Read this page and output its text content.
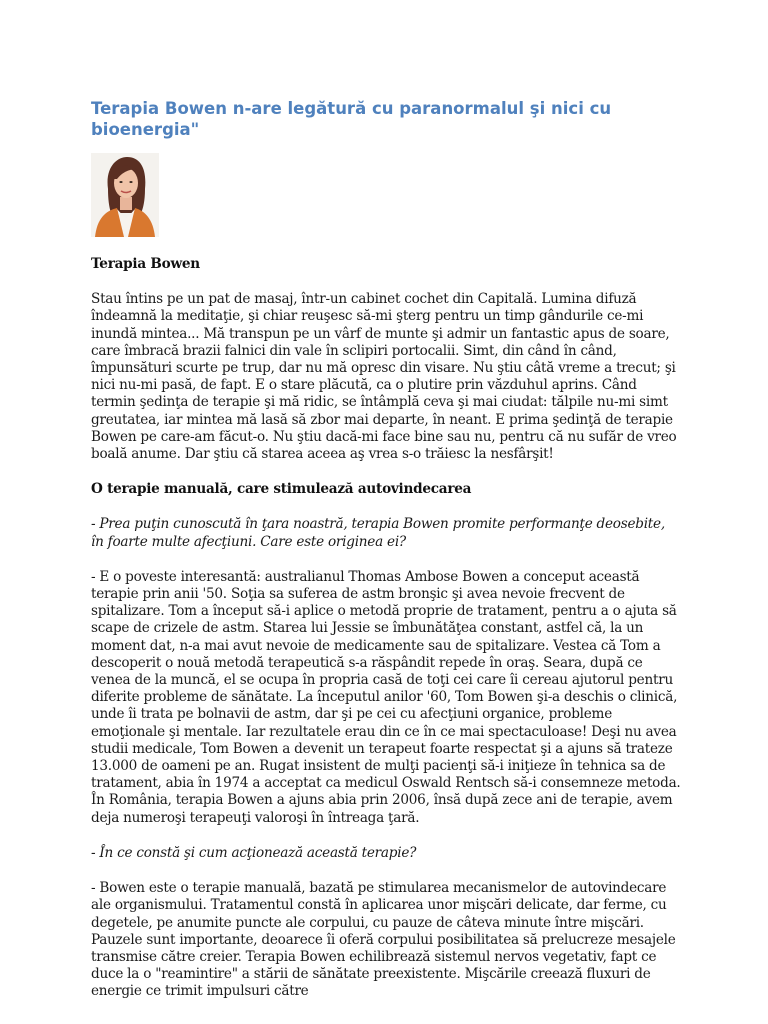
Terapia Bowen n-are legătură cu paranormalul şi nici cu bioenergia"

Terapia Bowen

Stau întins pe un pat de masaj, într-un cabinet cochet din Capitală. Lumina difuză îndeamnă la meditaţie, şi chiar reuşesc să-mi şterg pentru un timp gândurile ce-mi inundă mintea... Mă transpun pe un vârf de munte şi admir un fantastic apus de soare, care îmbracă brazii falnici din vale în sclipiri portocalii. Simt, din când în când, împunsături scurte pe trup, dar nu mă opresc din visare. Nu ştiu câtă vreme a trecut; şi nici nu-mi pasă, de fapt. E o stare plăcută, ca o plutire prin văzduhul aprins. Când termin şedinţa de terapie şi mă ridic, se întâmplă ceva şi mai ciudat: tălpile nu-mi simt greutatea, iar mintea mă lasă să zbor mai departe, în neant. E prima şedinţă de terapie Bowen pe care-am făcut-o. Nu ştiu dacă-mi face bine sau nu, pentru că nu sufăr de vreo boală anume. Dar ştiu că starea aceea aş vrea s-o trăiesc la nesfârşit!

O terapie manuală, care stimulează autovindecarea

- Prea puţin cunoscută în ţara noastră, terapia Bowen promite performanţe deosebite, în foarte multe afecţiuni. Care este originea ei?

- E o poveste interesantă: australianul Thomas Ambose Bowen a conceput această terapie prin anii '50. Soţia sa suferea de astm bronşic şi avea nevoie frecvent de spitalizare. Tom a început să-i aplice o metodă proprie de tratament, pentru a o ajuta să scape de crizele de astm. Starea lui Jessie se îmbunătăţea constant, astfel că, la un moment dat, n-a mai avut nevoie de medicamente sau de spitalizare. Vestea că Tom a descoperit o nouă metodă terapeutică s-a răspândit repede în oraş. Seara, după ce venea de la muncă, el se ocupa în propria casă de toţi cei care îi cereau ajutorul pentru diferite probleme de sănătate. La începutul anilor '60, Tom Bowen şi-a deschis o clinică, unde îi trata pe bolnavii de astm, dar şi pe cei cu afecţiuni organice, probleme emoţionale şi mentale. Iar rezultatele erau din ce în ce mai spectaculoase! Deşi nu avea studii medicale, Tom Bowen a devenit un terapeut foarte respectat şi a ajuns să trateze 13.000 de oameni pe an. Rugat insistent de mulţi pacienţi să-i iniţieze în tehnica sa de tratament, abia în 1974 a acceptat ca medicul Oswald Rentsch să-i consemneze metoda. În România, terapia Bowen a ajuns abia prin 2006, însă după zece ani de terapie, avem deja numeroşi terapeuţi valoroşi în întreaga ţară.

- În ce constă şi cum acţionează această terapie?

- Bowen este o terapie manuală, bazată pe stimularea mecanismelor de autovindecare ale organismului. Tratamentul constă în aplicarea unor mişcări delicate, dar ferme, cu degetele, pe anumite puncte ale corpului, cu pauze de câteva minute între mişcări. Pauzele sunt importante, deoarece îi oferă corpului posibilitatea să prelucreze mesajele transmise către creier. Terapia Bowen echilibrează sistemul nervos vegetativ, fapt ce duce la o "reamintire" a stării de sănătate preexistente. Mişcările creează fluxuri de energie ce trimit impulsuri către
